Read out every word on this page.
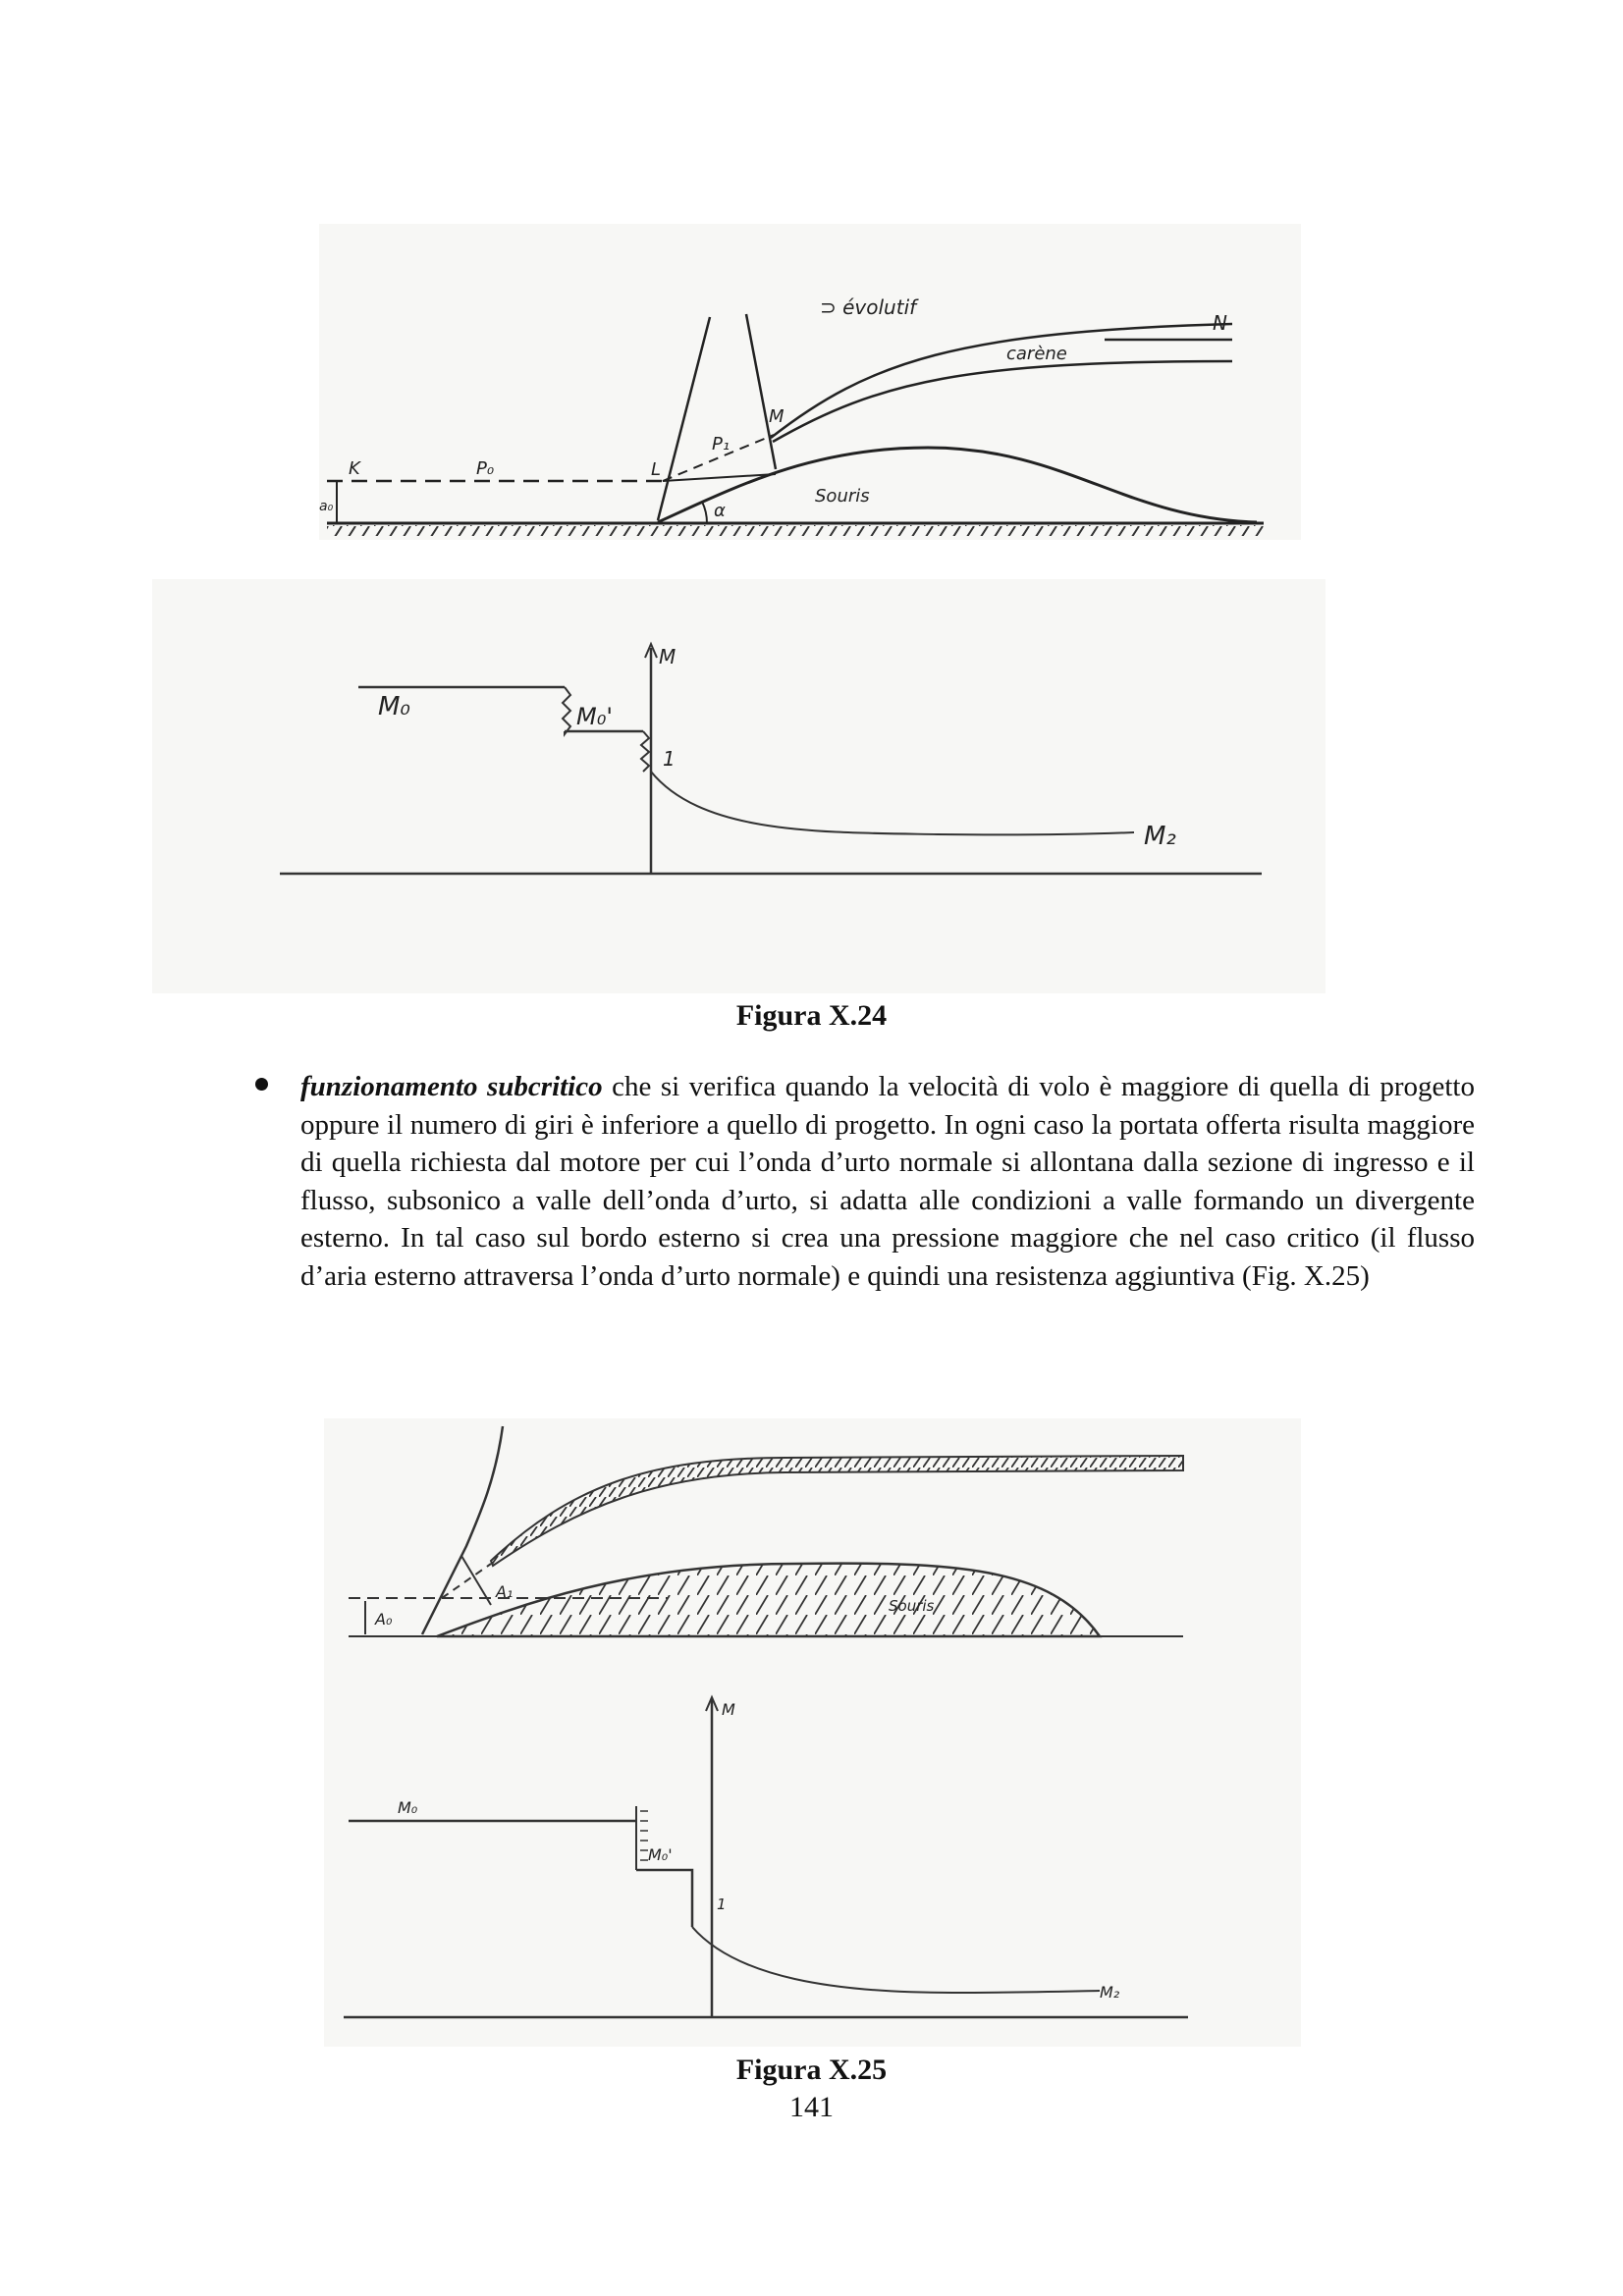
⊃ évolutif
carène
N
M
P₁
K	P₀	L
Souris
α
a₀
M
M₀	M₀'
1
M₂
Figura X.24

funzionamento subcritico che si verifica quando la velocità di volo è maggiore di quella di progetto oppure il numero di giri è inferiore a quello di progetto. In ogni caso la portata offerta risulta maggiore di quella richiesta dal motore per cui l’onda d’urto normale si allontana dalla sezione di ingresso e il flusso, subsonico a valle dell’onda d’urto, si adatta alle condizioni a valle formando un divergente esterno. In tal caso sul bordo esterno si crea una pressione maggiore che nel caso critico (il flusso d’aria esterno attraversa l’onda d’urto normale) e quindi una resistenza aggiuntiva (Fig. X.25)

A₀
A₁
Souris
M
M₀
M₀'
1
M₂
Figura X.25
141
